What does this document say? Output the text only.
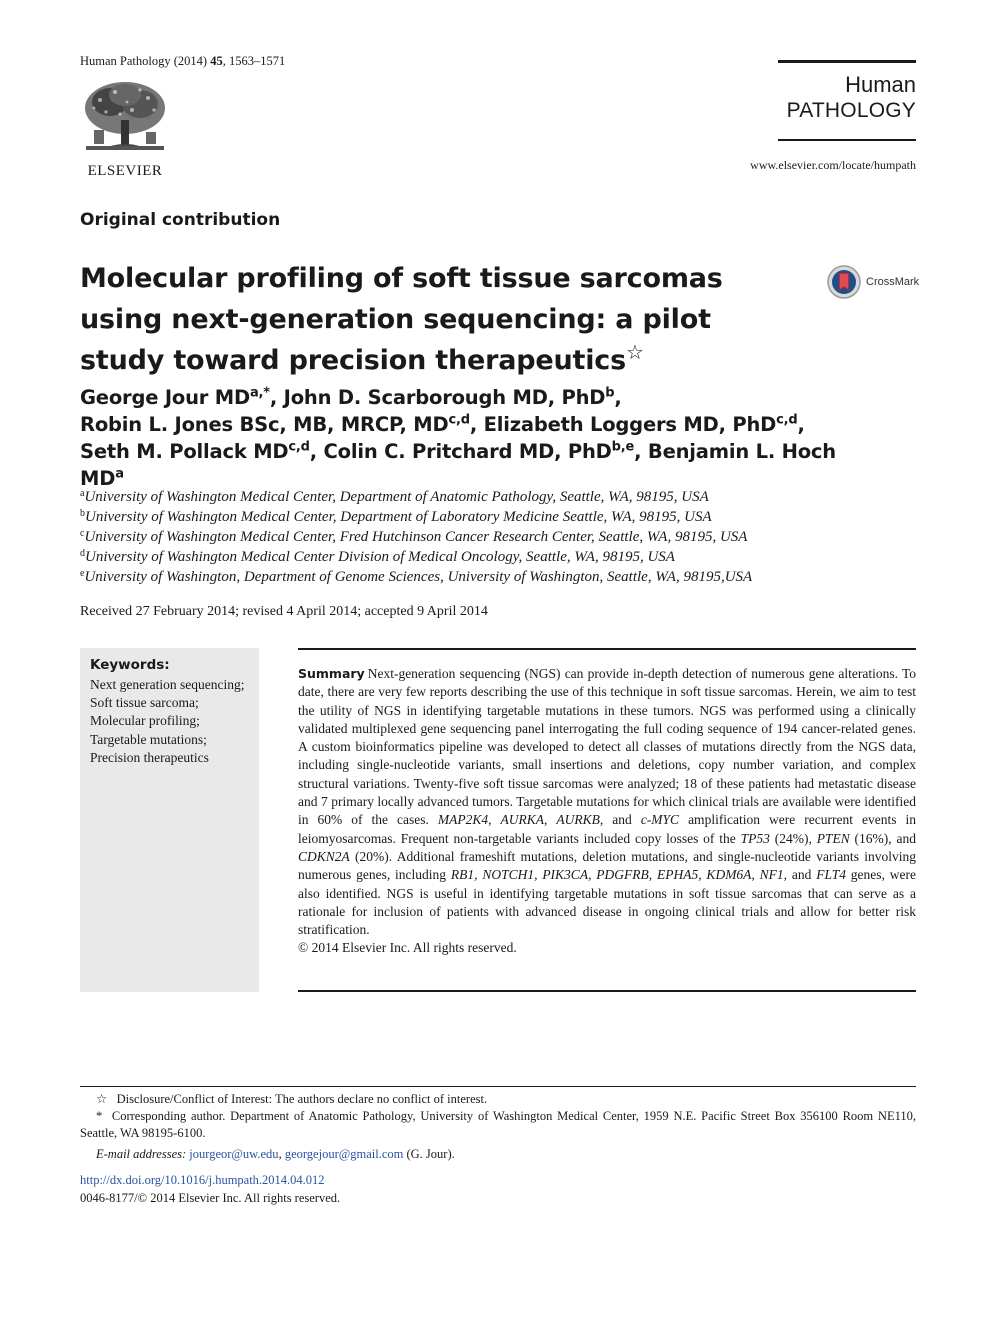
Human Pathology (2014) 45, 1563–1571
ELSEVIER
Human
PATHOLOGY
www.elsevier.com/locate/humpath
Original contribution
Molecular profiling of soft tissue sarcomas using next-generation sequencing: a pilot study toward precision therapeutics☆
CrossMark
George Jour $MD^{a,*}$, John D. Scarborough MD, PhD$^b$,
Robin L. Jones BSc, MB, MRCP, MD$^{c,d}$, Elizabeth Loggers MD, PhD$^{c,d}$,
Seth M. Pollack MD$^{c,d}$, Colin C. Pritchard MD, PhD$^{b,e}$, Benjamin L. Hoch $MD^a$
$^a$University of Washington Medical Center, Department of Anatomic Pathology, Seattle, WA, 98195, USA
$^b$University of Washington Medical Center, Department of Laboratory Medicine Seattle, WA, 98195, USA
$^c$University of Washington Medical Center, Fred Hutchinson Cancer Research Center, Seattle, WA, 98195, USA
$^d$University of Washington Medical Center Division of Medical Oncology, Seattle, WA, 98195, USA
$^e$University of Washington, Department of Genome Sciences, University of Washington, Seattle, WA, 98195,USA
Received 27 February 2014; revised 4 April 2014; accepted 9 April 2014
Keywords:
Next generation sequencing;
Soft tissue sarcoma;
Molecular profiling;
Targetable mutations;
Precision therapeutics

Summary Next-generation sequencing (NGS) can provide in-depth detection of numerous gene alterations. To date, there are very few reports describing the use of this technique in soft tissue sarcomas. Herein, we aim to test the utility of NGS in identifying targetable mutations in these tumors. NGS was performed using a clinically validated multiplexed gene sequencing panel interrogating the full coding sequence of 194 cancer-related genes. A custom bioinformatics pipeline was developed to detect all classes of mutations directly from the NGS data, including single-nucleotide variants, small insertions and deletions, copy number variation, and complex structural variations. Twenty-five soft tissue sarcomas were analyzed; 18 of these patients had metastatic disease and 7 primary locally advanced tumors. Targetable mutations for which clinical trials are available were identified in 60% of the cases. MAP2K4, AURKA, AURKB, and c-MYC amplification were recurrent events in leiomyosarcomas. Frequent non-targetable variants included copy losses of the TP53 (24%), PTEN (16%), and CDKN2A (20%). Additional frameshift mutations, deletion mutations, and single-nucleotide variants involving numerous genes, including RB1, NOTCH1, PIK3CA, PDGFRB, EPHA5, KDM6A, NF1, and FLT4 genes, were also identified. NGS is useful in identifying targetable mutations in soft tissue sarcomas that can serve as a rationale for inclusion of patients with advanced disease in ongoing clinical trials and allow for better risk stratification.

© 2014 Elsevier Inc. All rights reserved.

☆ Disclosure/Conflict of Interest: The authors declare no conflict of interest.

* Corresponding author. Department of Anatomic Pathology, University of Washington Medical Center, 1959 N.E. Pacific Street Box 356100 Room NE110, Seattle, WA 98195-6100.

E-mail addresses: jourgeor@uw.edu, georgejour@gmail.com (G. Jour).

http://dx.doi.org/10.1016/j.humpath.2014.04.012
0046-8177/© 2014 Elsevier Inc. All rights reserved.
